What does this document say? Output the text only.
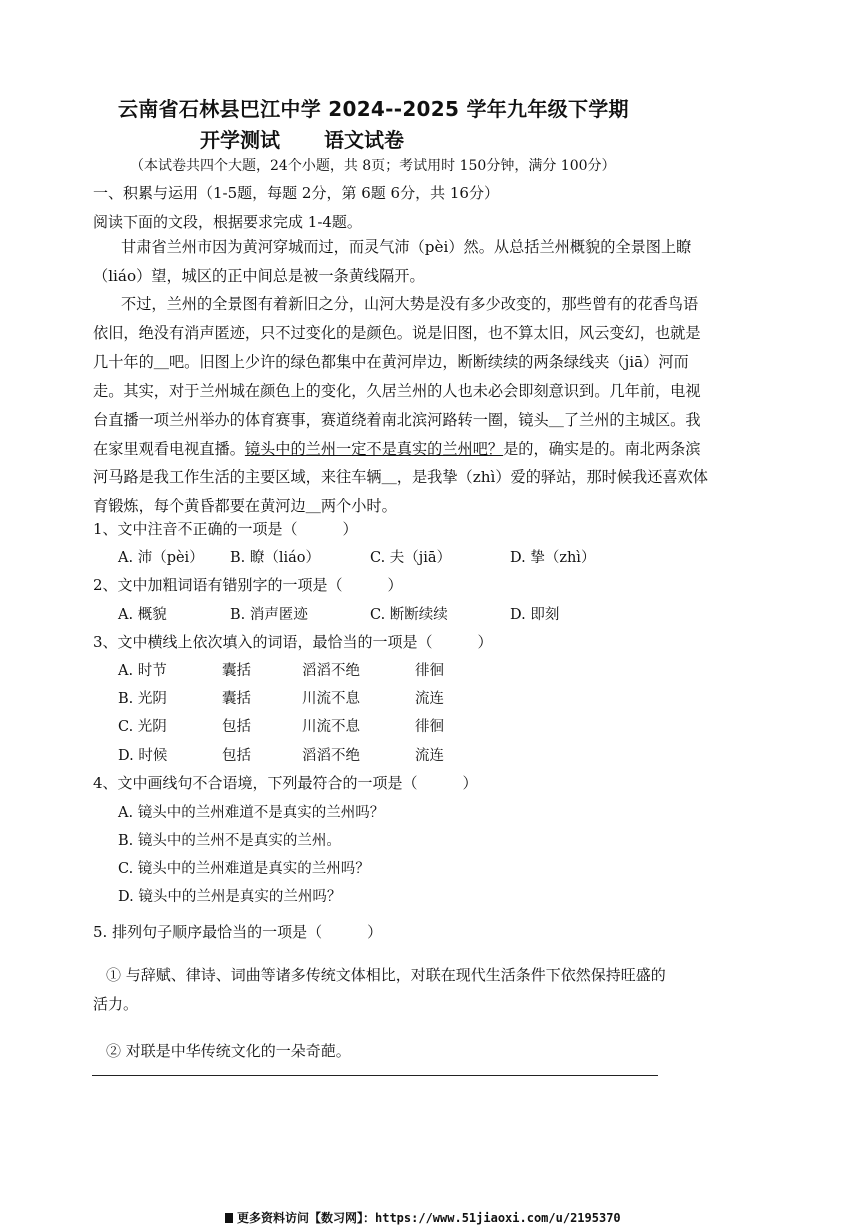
云南省石林县巴江中学 2024--2025 学年九年级下学期
开学测试 语文试卷
（本试卷共四个大题，24个小题，共 8页；考试用时 150分钟，满分 100分）
一、积累与运用（1-5题，每题 2分，第 6题 6分，共 16分）
阅读下面的文段，根据要求完成 1-4题。
甘肃省兰州市因为黄河穿城而过，而灵气沛（pèi）然。从总括兰州概貌的全景图上瞭（liáo）望，城区的正中间总是被一条黄线隔开。
不过，兰州的全景图有着新旧之分，山河大势是没有多少改变的，那些曾有的花香鸟语依旧，绝没有消声匿迹，只不过变化的是颜色。说是旧图，也不算太旧，风云变幻，也就是几十年的＿吧。旧图上少许的绿色都集中在黄河岸边，断断续续的两条绿线夹（jiā）河而走。其实，对于兰州城在颜色上的变化，久居兰州的人也未必会即刻意识到。几年前，电视台直播一项兰州举办的体育赛事，赛道绕着南北滨河路转一圈，镜头＿了兰州的主城区。我在家里观看电视直播。镜头中的兰州一定不是真实的兰州吧？是的，确实是的。南北两条滨河马路是我工作生活的主要区域，来往车辆＿，是我挚（zhì）爱的驿站，那时候我还喜欢体育锻炼，每个黄昏都要在黄河边＿两个小时。
1、文中注音不正确的一项是（　　　）
A. 沛（pèi） B. 瞭（liáo）	C. 夫（jiā）	D. 挚（zhì）
2、文中加粗词语有错别字的一项是（　　　）
A. 概貌	B. 消声匿迹	C. 断断续续	D. 即刻
3、文中横线上依次填入的词语，最恰当的一项是（　　　）
A. 时节	囊括	滔滔不绝	徘徊
B. 光阴	囊括	川流不息	流连
C. 光阴	包括	川流不息	徘徊
D. 时候	包括	滔滔不绝	流连
4、文中画线句不合语境，下列最符合的一项是（　　　）
A. 镜头中的兰州难道不是真实的兰州吗？
B. 镜头中的兰州不是真实的兰州。
C. 镜头中的兰州难道是真实的兰州吗？
D. 镜头中的兰州是真实的兰州吗？
5. 排列句子顺序最恰当的一项是（　　　）
① 与辞赋、律诗、词曲等诸多传统文体相比，对联在现代生活条件下依然保持旺盛的
活力。
② 对联是中华传统文化的一朵奇葩。
更多资料访问【数习网】：https://www.51jiaoxi.com/u/2195370
